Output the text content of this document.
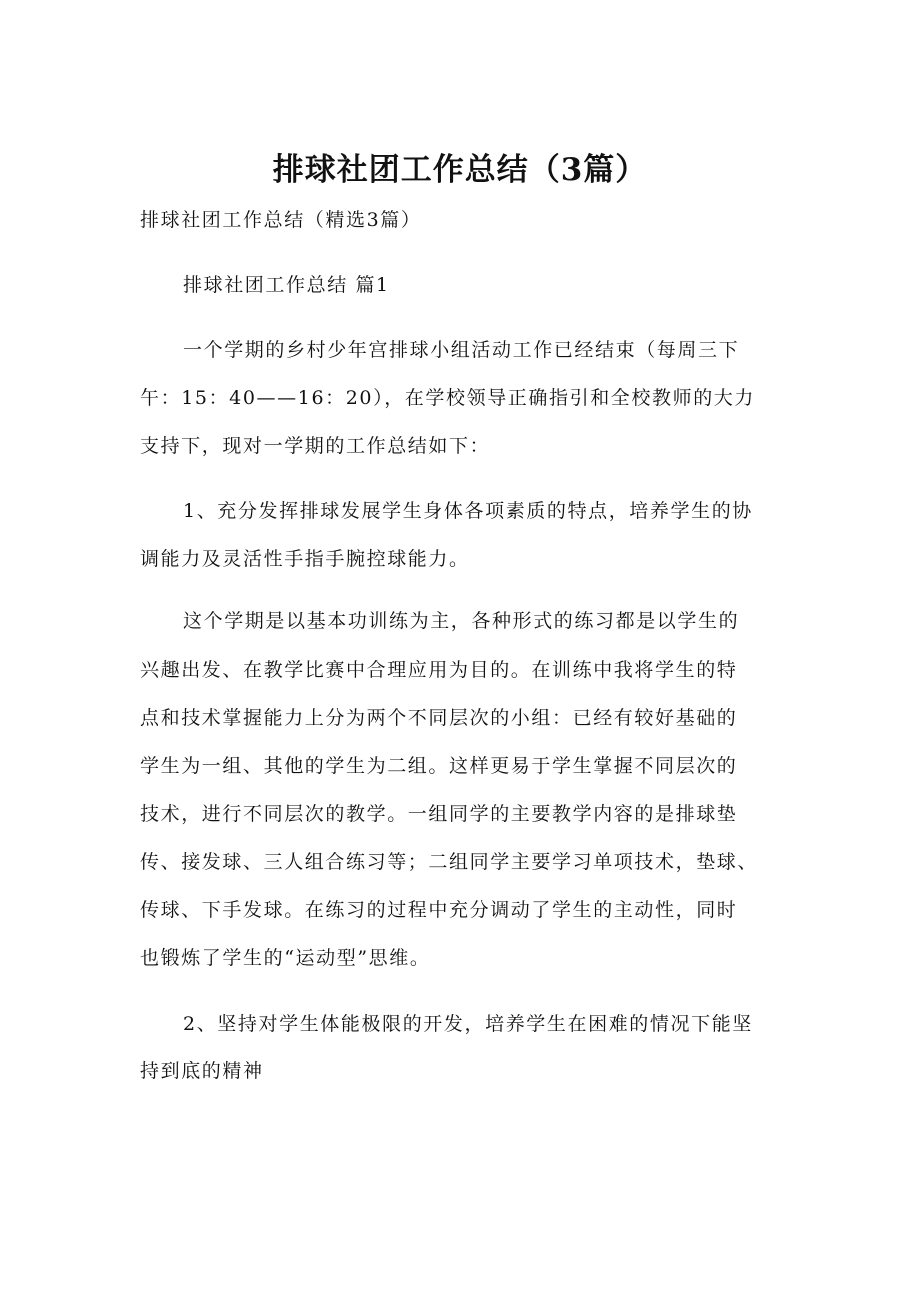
排球社团工作总结（3篇）
排球社团工作总结（精选3篇）
排球社团工作总结 篇1
一个学期的乡村少年宫排球小组活动工作已经结束（每周三下
午：15：40——16：20），在学校领导正确指引和全校教师的大力
支持下，现对一学期的工作总结如下：
1、充分发挥排球发展学生身体各项素质的特点，培养学生的协
调能力及灵活性手指手腕控球能力。
这个学期是以基本功训练为主，各种形式的练习都是以学生的
兴趣出发、在教学比赛中合理应用为目的。在训练中我将学生的特
点和技术掌握能力上分为两个不同层次的小组：已经有较好基础的
学生为一组、其他的学生为二组。这样更易于学生掌握不同层次的
技术，进行不同层次的教学。一组同学的主要教学内容的是排球垫
传、接发球、三人组合练习等；二组同学主要学习单项技术，垫球、
传球、下手发球。在练习的过程中充分调动了学生的主动性，同时
也锻炼了学生的“运动型”思维。
2、坚持对学生体能极限的开发，培养学生在困难的情况下能坚
持到底的精神
